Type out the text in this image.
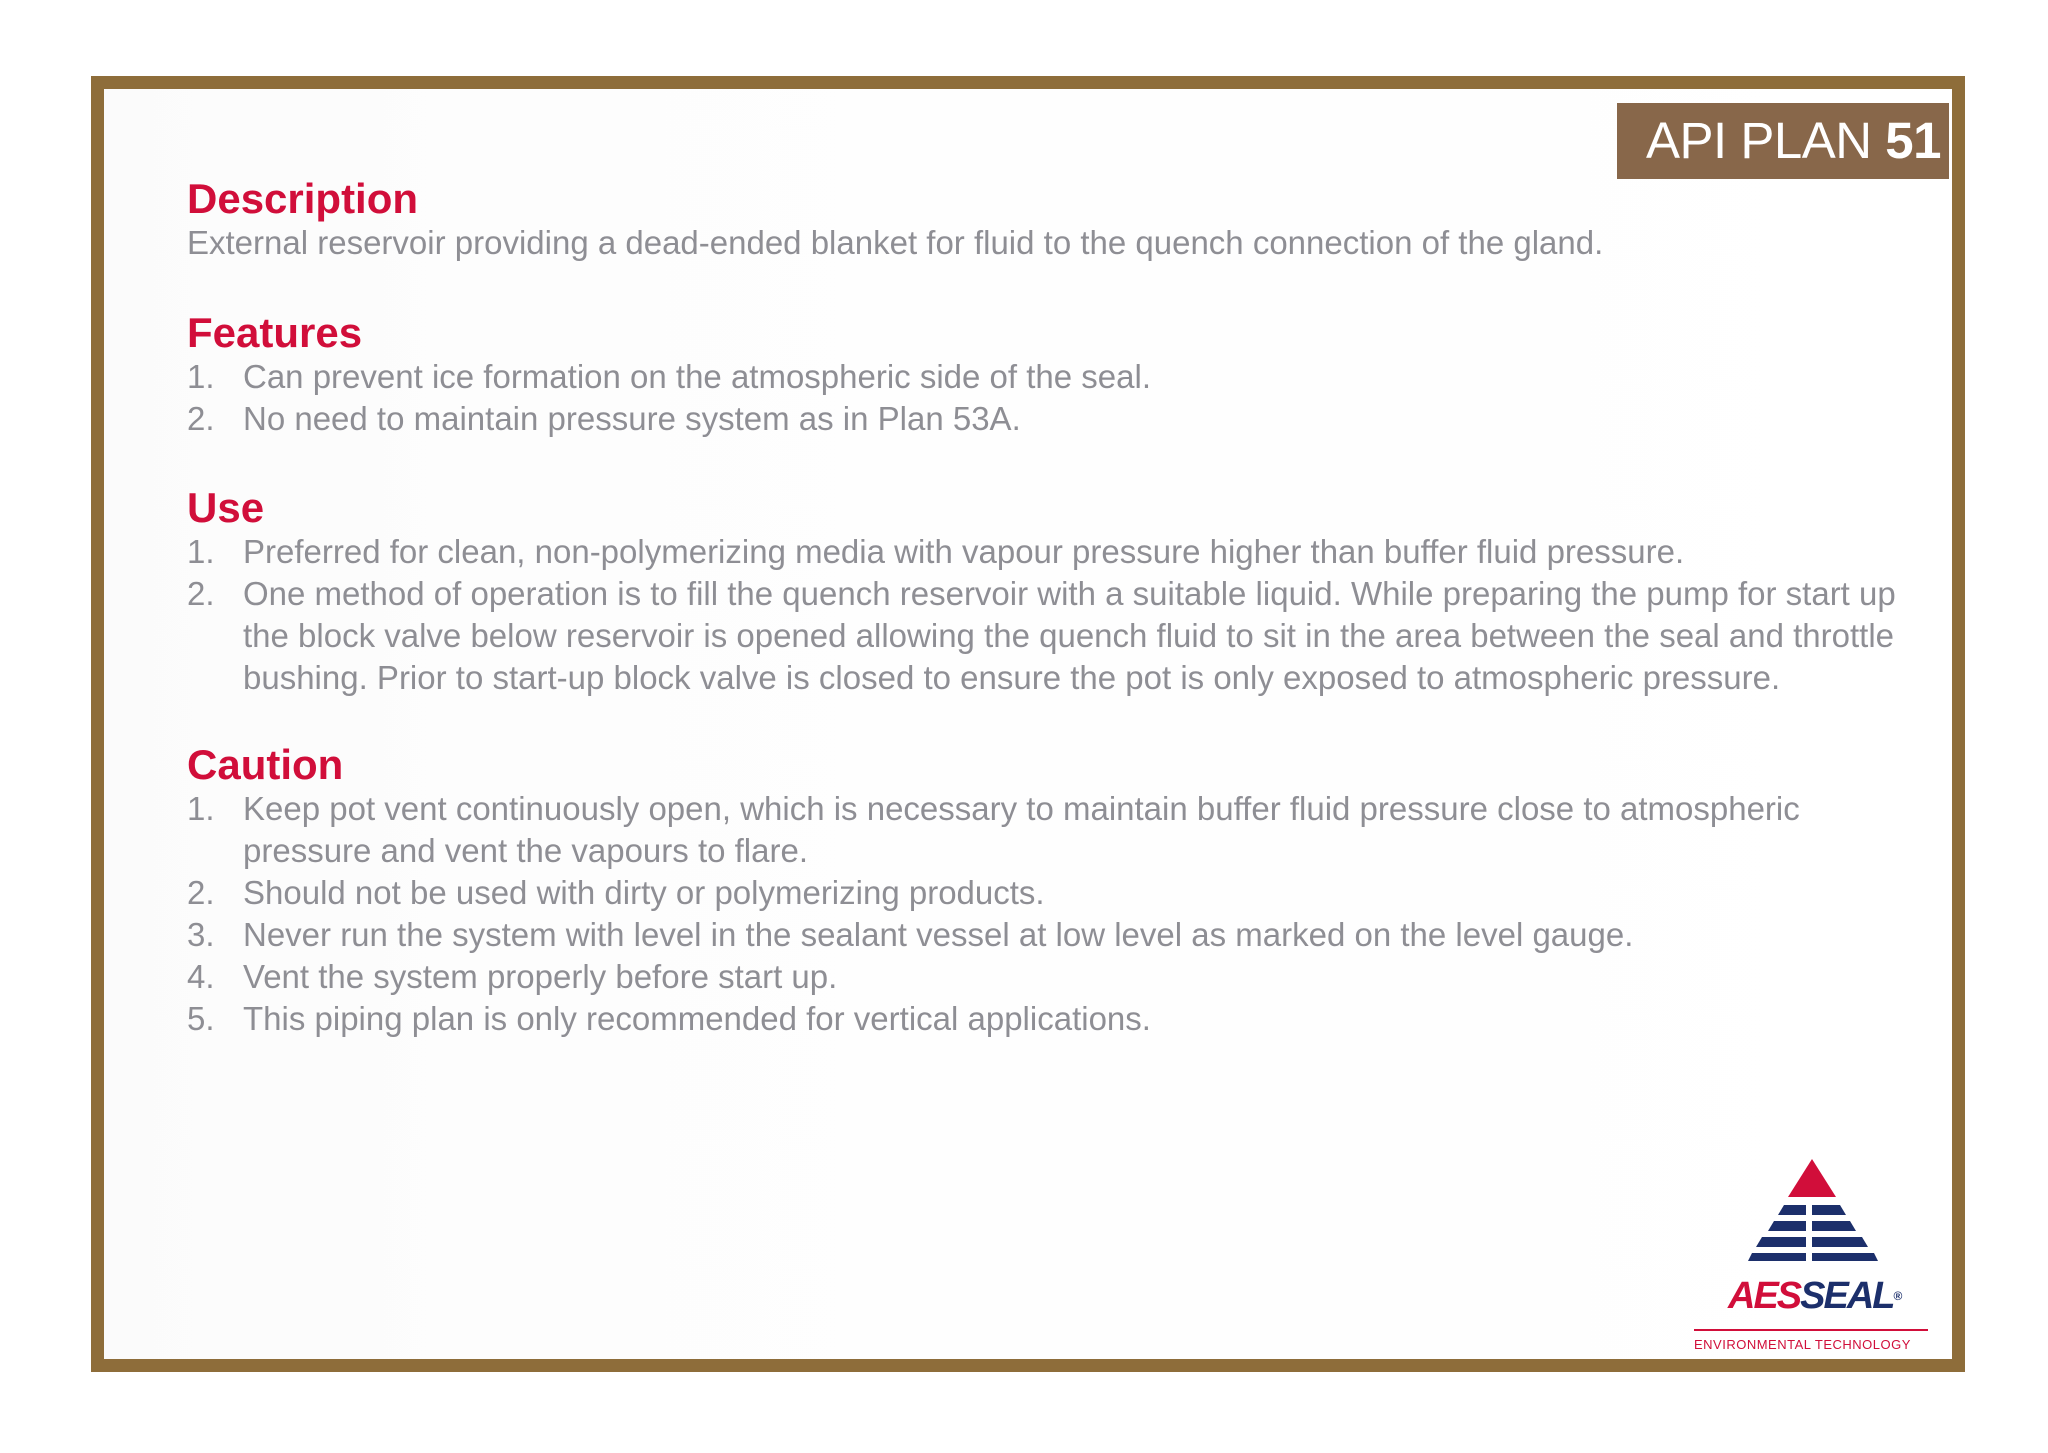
API PLAN 51
Description

External reservoir providing a dead-ended blanket for fluid to the quench connection of the gland.

Features
1. Can prevent ice formation on the atmospheric side of the seal.
2. No need to maintain pressure system as in Plan 53A.
Use
1. Preferred for clean, non-polymerizing media with vapour pressure higher than buffer fluid pressure.
2. One method of operation is to fill the quench reservoir with a suitable liquid. While preparing the pump for start up the block valve below reservoir is opened allowing the quench fluid to sit in the area between the seal and throttle bushing. Prior to start-up block valve is closed to ensure the pot is only exposed to atmospheric pressure.
Caution
1. Keep pot vent continuously open, which is necessary to maintain buffer fluid pressure close to atmospheric pressure and vent the vapours to flare.
2. Should not be used with dirty or polymerizing products.
3. Never run the system with level in the sealant vessel at low level as marked on the level gauge.
4. Vent the system properly before start up.
5. This piping plan is only recommended for vertical applications.
AESSEAL®
ENVIRONMENTAL TECHNOLOGY
